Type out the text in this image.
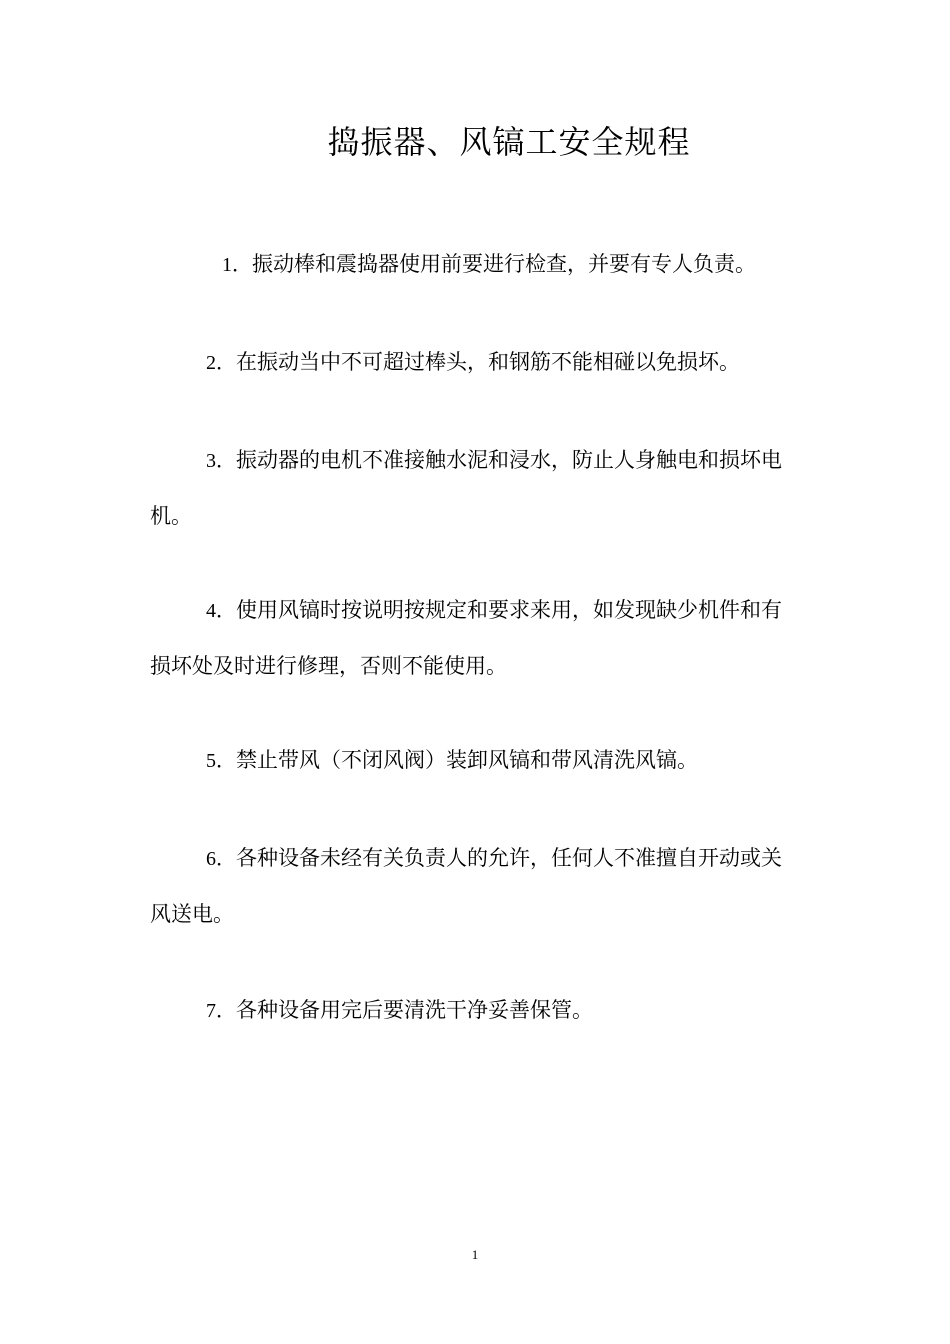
捣振器、风镐工安全规程
1．振动棒和震捣器使用前要进行检查，并要有专人负责。
2．在振动当中不可超过棒头，和钢筋不能相碰以免损坏。
3．振动器的电机不准接触水泥和浸水，防止人身触电和损坏电机。
4．使用风镐时按说明按规定和要求来用，如发现缺少机件和有损坏处及时进行修理，否则不能使用。
5．禁止带风（不闭风阀）装卸风镐和带风清洗风镐。
6．各种设备未经有关负责人的允许，任何人不准擅自开动或关风送电。
7．各种设备用完后要清洗干净妥善保管。
1
